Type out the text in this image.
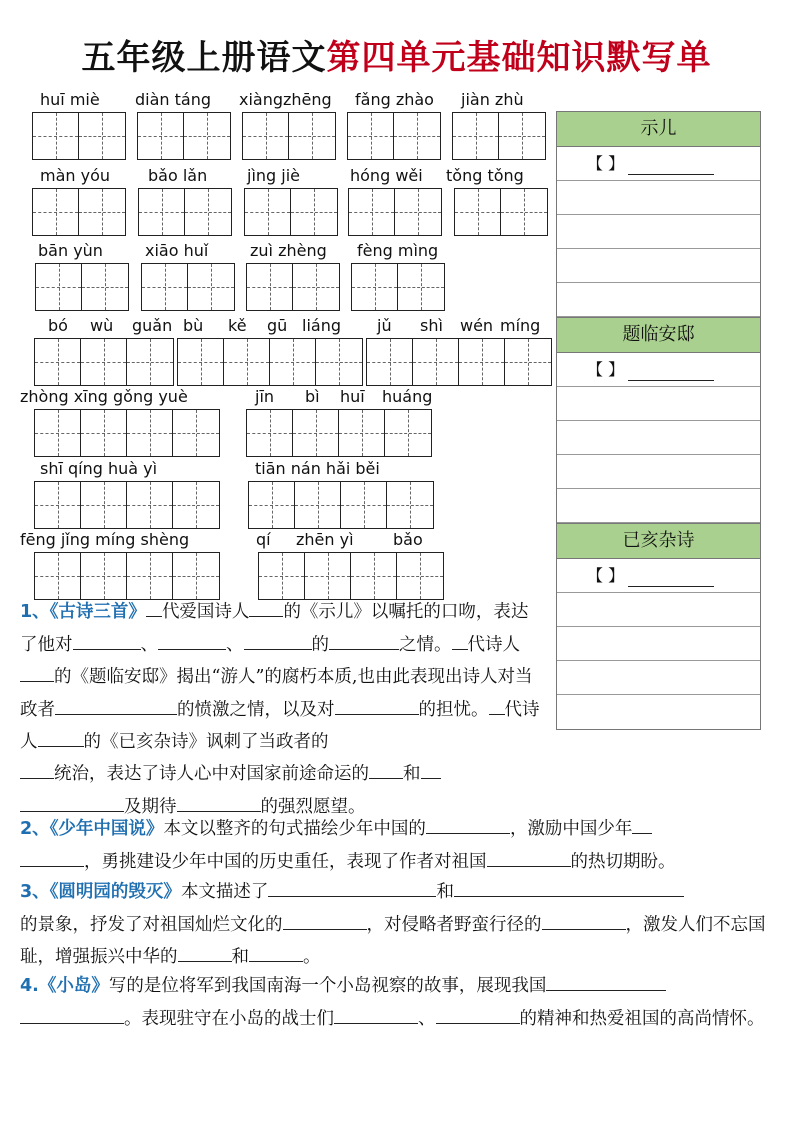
五年级上册语文第四单元基础知识默写单
huī miè diàn táng xiàngzhēng fǎng zhào jiàn zhù
màn yóu bǎo lǎn jìng jiè	hóng wěi tǒng tǒng
bān yùn	xiāo huǐ	zuì zhèng fèng mìng
bó wù guǎn bù kě gū liáng jǔ shì wén míng
zhòng xīng gǒng yuè	jīn bì huī huáng
shī qíng huà yì	tiān nán hǎi běi
fēng jǐng míng shèng	qí zhēn yì bǎo
示儿
【 】
题临安邸
【 】
已亥杂诗
【 】
1、《古诗三首》 代爱国诗人 的《示儿》以嘱托的口吻，表达了他对	、	、	的	之情。 代诗人的《题临安邸》揭出“游人”的腐朽本质,也由此表现出诗人对当政者	的愤激之情，以及对	的担忧。 代诗人	的《已亥杂诗》讽刺了当政者的
统治，表达了诗人心中对国家前途命运的 和
及期待	的强烈愿望。
2、《少年中国说》本文以整齐的句式描绘少年中国的	，激励中国少年
，勇挑建设少年中国的历史重任，表现了作者对祖国	的热切期盼。
3、《圆明园的毁灭》本文描述了	和
的景象，抒发了对祖国灿烂文化的	，对侵略者野蛮行径的	，激发人们不忘国耻，增强振兴中华的	和	。
4.《小岛》写的是位将军到我国南海一个小岛视察的故事，展现我国
。表现驻守在小岛的战士们	、	的精神和热爱祖国的高尚情怀。
